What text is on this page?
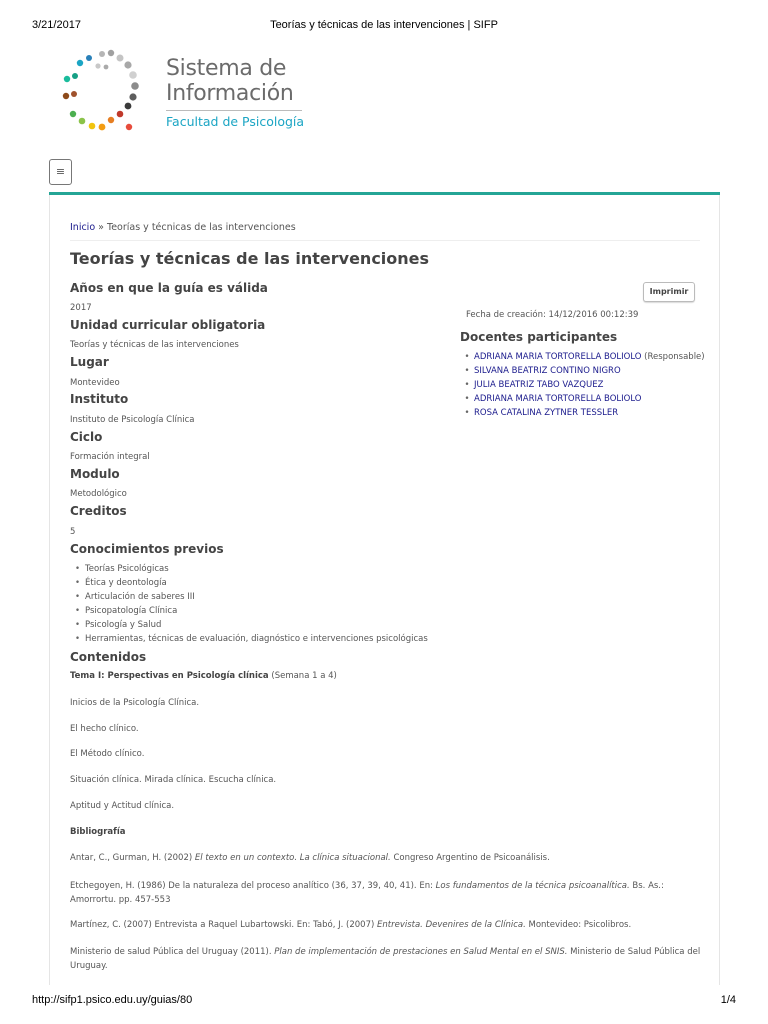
3/21/2017	Teorías y técnicas de las intervenciones | SIFP
Sistema de
Información
Facultad de Psicología
≡
Inicio » Teorías y técnicas de las intervenciones
Teorías y técnicas de las intervenciones
Años en que la guía es válida
2017
Unidad curricular obligatoria
Teorías y técnicas de las intervenciones
Lugar
Montevideo
Instituto
Instituto de Psicología Clínica
Ciclo
Formación integral
Modulo
Metodológico
Creditos
5
Conocimientos previos
• Teorías Psicológicas
• Ética y deontología
• Articulación de saberes III
• Psicopatología Clínica
• Psicología y Salud
• Herramientas, técnicas de evaluación, diagnóstico e intervenciones psicológicas
Contenidos
Tema I: Perspectivas en Psicología clínica (Semana 1 a 4)
Inicios de la Psicología Clínica.
El hecho clínico.
El Método clínico.
Situación clínica. Mirada clínica. Escucha clínica.
Aptitud y Actitud clínica.
Bibliografía
Antar, C., Gurman, H. (2002) El texto en un contexto. La clínica situacional. Congreso Argentino de Psicoanálisis.
Etchegoyen, H. (1986) De la naturaleza del proceso analítico (36, 37, 39, 40, 41). En: Los fundamentos de la técnica psicoanalítica. Bs. As.: Amorrortu. pp. 457-553
Martínez, C. (2007) Entrevista a Raquel Lubartowski. En: Tabó, J. (2007) Entrevista. Devenires de la Clínica. Montevideo: Psicolibros.
Ministerio de salud Pública del Uruguay (2011). Plan de implementación de prestaciones en Salud Mental en el SNIS. Ministerio de Salud Pública del Uruguay.
Imprimir
Fecha de creación: 14/12/2016 00:12:39
Docentes participantes
• ADRIANA MARIA TORTORELLA BOLIOLO (Responsable)
• SILVANA BEATRIZ CONTINO NIGRO
• JULIA BEATRIZ TABO VAZQUEZ
• ADRIANA MARIA TORTORELLA BOLIOLO
• ROSA CATALINA ZYTNER TESSLER
http://sifp1.psico.edu.uy/guias/80	1/4
